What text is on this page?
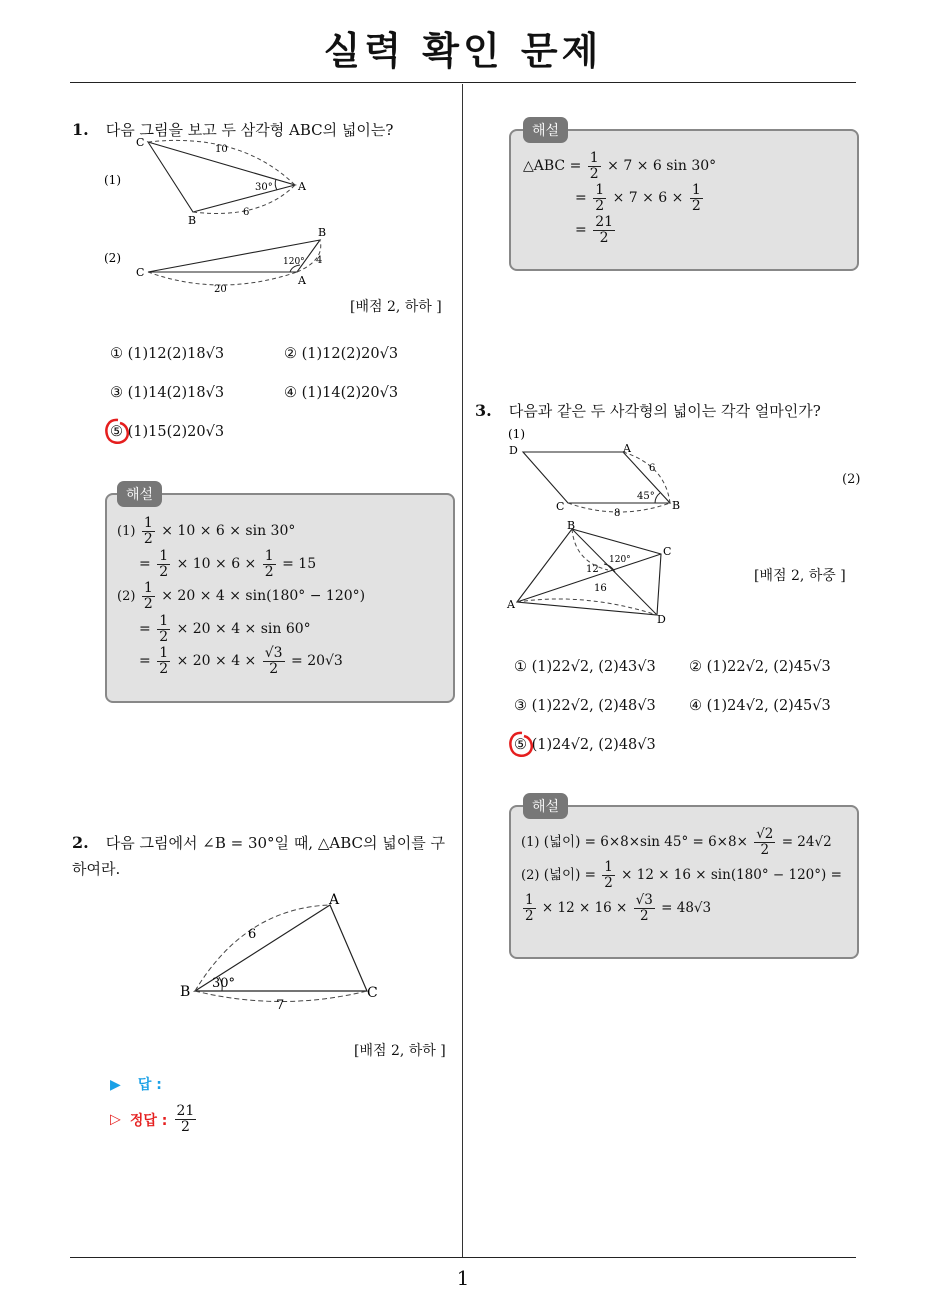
실력 확인 문제
1. 다음 그림을 보고 두 삼각형 ABC의 넓이는?
(1)
C
A
B
10
30°
6
(2)
C
B
A
20
120° 4
[배점 2, 하하 ]
① (1)12(2)18√3	② (1)12(2)20√3
③ (1)14(2)18√3	④ (1)14(2)20√3
⑤ (1)15(2)20√3
해설
$(1) \frac{1}{2} \times 10 \times 6 \times \sin 30^\circ$
= $\frac{1}{2} \times 10 \times 6 \times \frac{1}{2} = 15$
$(2) \frac{1}{2} \times 20 \times 4 \times \sin(180^\circ - 120^\circ)$
= $\frac{1}{2} \times 20 \times 4 \times \sin 60^\circ$
= $\frac{1}{2} \times 20 \times 4 \times \frac{√3}{2} = 20√3$
2. 다음 그림에서 ∠B = 30°일 때, △ABC의 넓이를 구하여라.
B
A
C
6
7
30°
[배점 2, 하하 ]
▶ 답 :
▷ 정답 : $\frac{21}{2}$
해설
△ABC = $\frac{1}{2} \times 7 \times 6$ sin 30°
= $\frac{1}{2} \times 7 \times 6 \times \frac{1}{2}$
= $\frac{21}{2}$
3. 다음과 같은 두 사각형의 넓이는 각각 얼마인가?
(1)
D	A
C	B
6
45°
8
(2)
B
C
A
D
120°
12
16
[배점 2, 하중 ]
① (1)22√2, (2)43√3 ② (1)22√2, (2)45√3
③ (1)22√2, (2)48√3 ④ (1)24√2, (2)45√3
⑤ (1)24√2, (2)48√3
해설
(1) (넓이) = 6×8×sin $45^\circ = 6\times 8\times \frac{√2}{2} = 24√2$
(2) (넓이) = $\frac{1}{2} \times 12 \times 16 \times \sin(180^\circ - 120^\circ)$ =
$\frac{1}{2} \times 12 \times 16 \times \frac{√3}{2} = 48√3$
1
